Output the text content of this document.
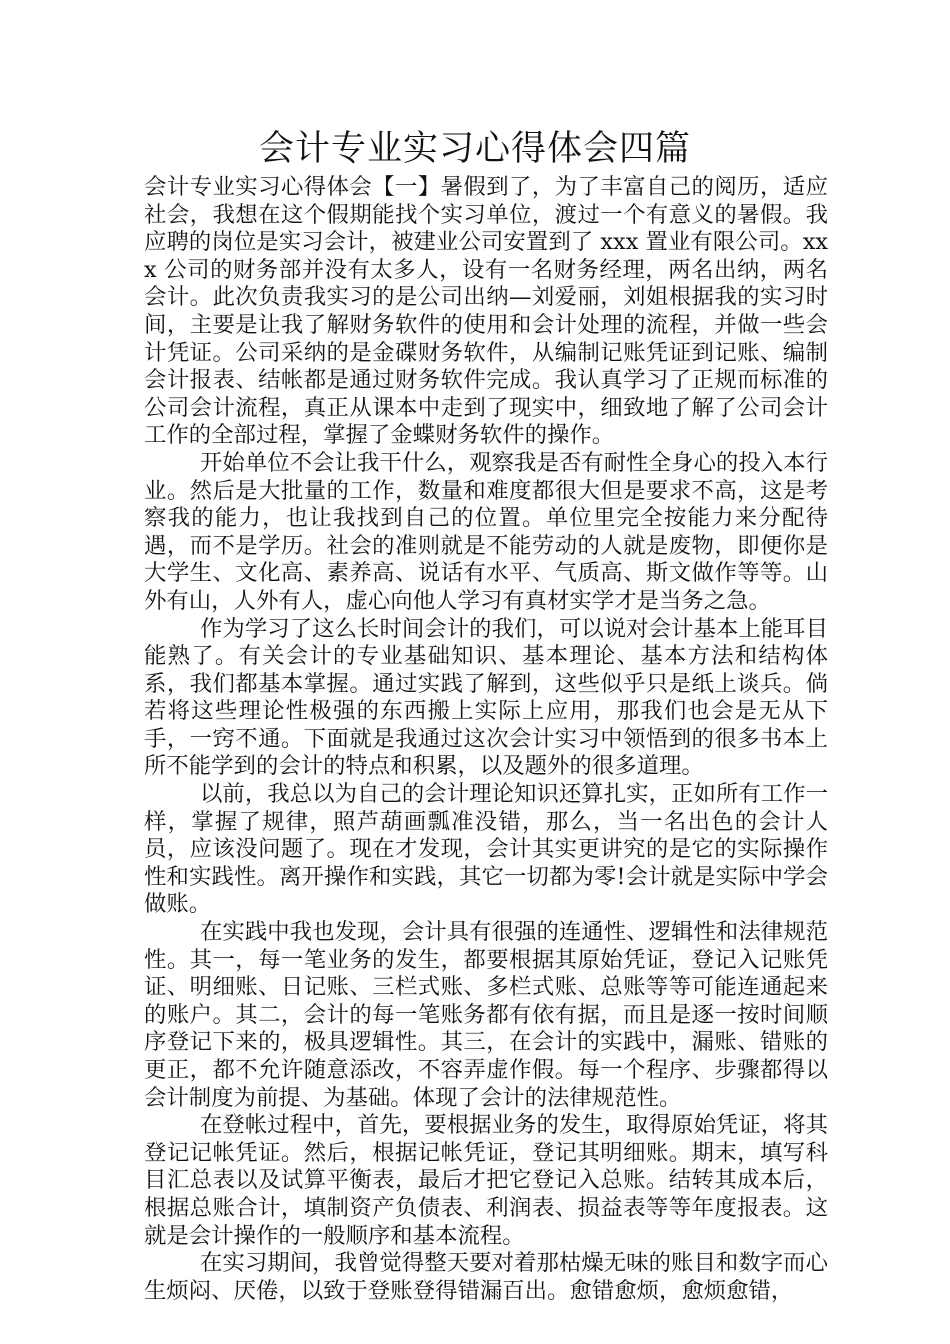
会计专业实习心得体会四篇

会计专业实习心得体会【一】暑假到了，为了丰富自己的阅历，适应社会，我想在这个假期能找个实习单位，渡过一个有意义的暑假。我应聘的岗位是实习会计，被建业公司安置到了 xxx 置业有限公司。xxx 公司的财务部并没有太多人，设有一名财务经理，两名出纳，两名会计。此次负责我实习的是公司出纳—刘爱丽，刘姐根据我的实习时间，主要是让我了解财务软件的使用和会计处理的流程，并做一些会计凭证。公司采纳的是金碟财务软件，从编制记账凭证到记账、编制会计报表、结帐都是通过财务软件完成。我认真学习了正规而标准的公司会计流程，真正从课本中走到了现实中，细致地了解了公司会计工作的全部过程，掌握了金蝶财务软件的操作。

开始单位不会让我干什么，观察我是否有耐性全身心的投入本行业。然后是大批量的工作，数量和难度都很大但是要求不高，这是考察我的能力，也让我找到自己的位置。单位里完全按能力来分配待遇，而不是学历。社会的准则就是不能劳动的人就是废物，即便你是大学生、文化高、素养高、说话有水平、气质高、斯文做作等等。山外有山，人外有人，虚心向他人学习有真材实学才是当务之急。

作为学习了这么长时间会计的我们，可以说对会计基本上能耳目能熟了。有关会计的专业基础知识、基本理论、基本方法和结构体系，我们都基本掌握。通过实践了解到，这些似乎只是纸上谈兵。倘若将这些理论性极强的东西搬上实际上应用，那我们也会是无从下手，一窍不通。下面就是我通过这次会计实习中领悟到的很多书本上所不能学到的会计的特点和积累，以及题外的很多道理。

以前，我总以为自己的会计理论知识还算扎实，正如所有工作一样，掌握了规律，照芦葫画瓢准没错，那么，当一名出色的会计人员，应该没问题了。现在才发现，会计其实更讲究的是它的实际操作性和实践性。离开操作和实践，其它一切都为零!会计就是实际中学会做账。

在实践中我也发现，会计具有很强的连通性、逻辑性和法律规范性。其一，每一笔业务的发生，都要根据其原始凭证，登记入记账凭证、明细账、日记账、三栏式账、多栏式账、总账等等可能连通起来的账户。其二，会计的每一笔账务都有依有据，而且是逐一按时间顺序登记下来的，极具逻辑性。其三，在会计的实践中，漏账、错账的更正，都不允许随意添改，不容弄虚作假。每一个程序、步骤都得以会计制度为前提、为基础。体现了会计的法律规范性。

在登帐过程中，首先，要根据业务的发生，取得原始凭证，将其登记记帐凭证。然后，根据记帐凭证，登记其明细账。期末，填写科目汇总表以及试算平衡表，最后才把它登记入总账。结转其成本后，根据总账合计，填制资产负债表、利润表、损益表等等年度报表。这就是会计操作的一般顺序和基本流程。

在实习期间，我曾觉得整天要对着那枯燥无味的账目和数字而心生烦闷、厌倦，以致于登账登得错漏百出。愈错愈烦，愈烦愈错，
